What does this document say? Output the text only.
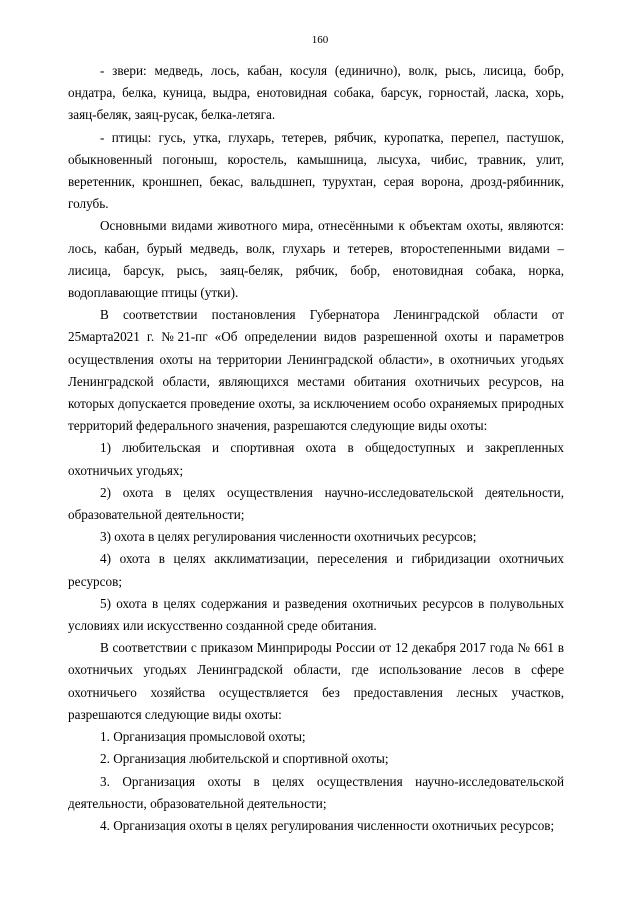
160

- звери: медведь, лось, кабан, косуля (единично), волк, рысь, лисица, бобр, ондатра, белка, куница, выдра, енотовидная собака, барсук, горностай, ласка, хорь, заяц-беляк, заяц-русак, белка-летяга.

- птицы: гусь, утка, глухарь, тетерев, рябчик, куропатка, перепел, пастушок, обыкновенный погоныш, коростель, камышница, лысуха, чибис, травник, улит, веретенник, кроншнеп, бекас, вальдшнеп, турухтан, серая ворона, дрозд-рябинник, голубь.

Основными видами животного мира, отнесёнными к объектам охоты, являются: лось, кабан, бурый медведь, волк, глухарь и тетерев, второстепенными видами – лисица, барсук, рысь, заяц-беляк, рябчик, бобр, енотовидная собака, норка, водоплавающие птицы (утки).

В соответствии постановления Губернатора Ленинградской области от 25марта2021 г. №21-пг «Об определении видов разрешенной охоты и параметров осуществления охоты на территории Ленинградской области», в охотничьих угодьях Ленинградской области, являющихся местами обитания охотничьих ресурсов, на которых допускается проведение охоты, за исключением особо охраняемых природных территорий федерального значения, разрешаются следующие виды охоты:

1) любительская и спортивная охота в общедоступных и закрепленных охотничьих угодьях;

2) охота в целях осуществления научно-исследовательской деятельности, образовательной деятельности;

3) охота в целях регулирования численности охотничьих ресурсов;

4) охота в целях акклиматизации, переселения и гибридизации охотничьих ресурсов;

5) охота в целях содержания и разведения охотничьих ресурсов в полувольных условиях или искусственно созданной среде обитания.

В соответствии с приказом Минприроды России от 12 декабря 2017 года № 661 в охотничьих угодьях Ленинградской области, где использование лесов в сфере охотничьего хозяйства осуществляется без предоставления лесных участков, разрешаются следующие виды охоты:

1. Организация промысловой охоты;

2. Организация любительской и спортивной охоты;

3. Организация охоты в целях осуществления научно-исследовательской деятельности, образовательной деятельности;

4. Организация охоты в целях регулирования численности охотничьих ресурсов;
